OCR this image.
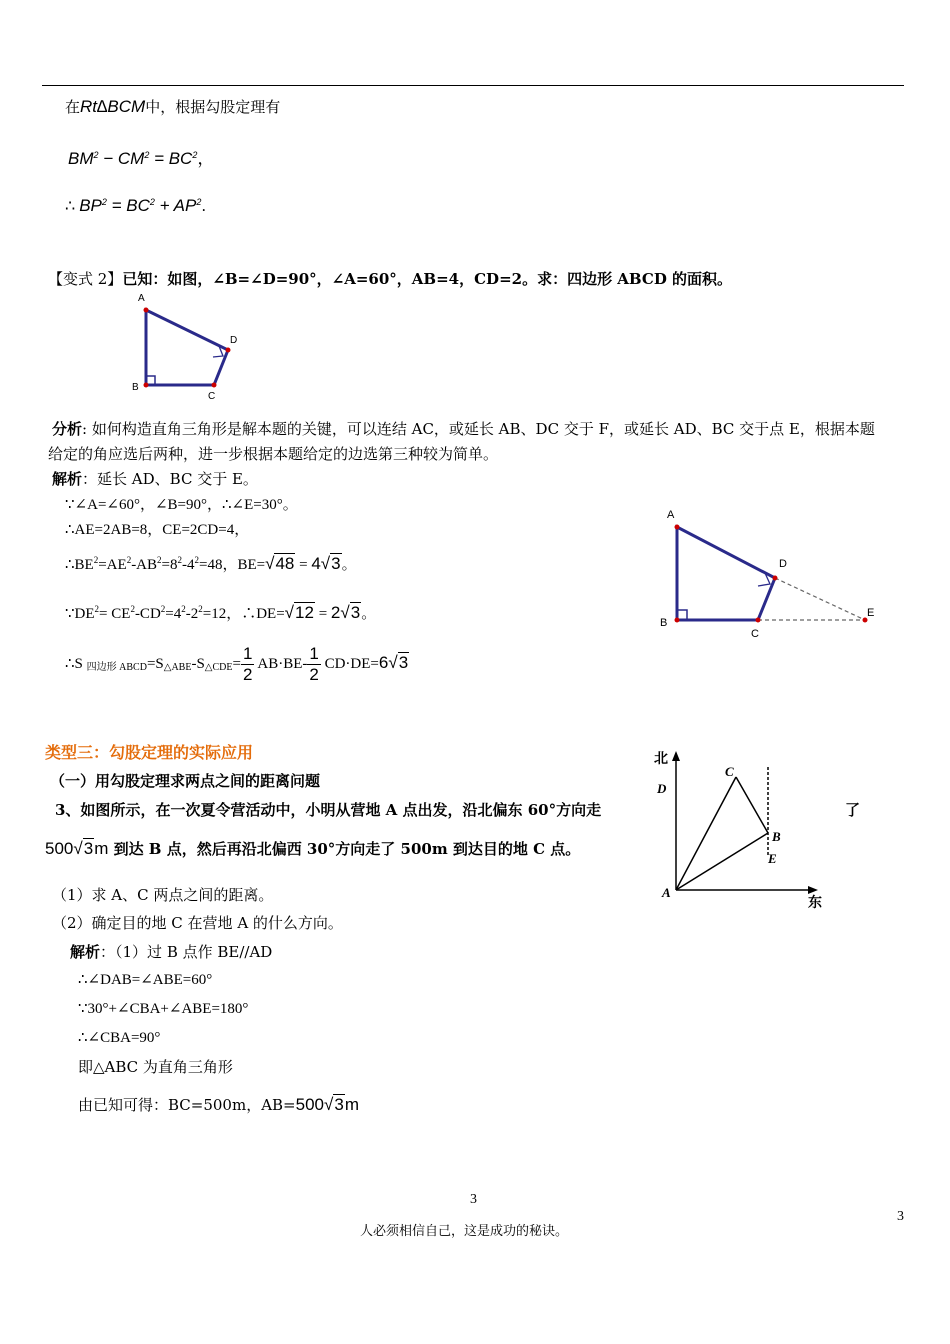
在Rt∆BCM中，根据勾股定理有
$BM^2 - CM^2 = BC^2$，
∴ $BP^2 = BC^2 + AP^2$.
【变式 2】已知：如图，∠B=∠D=90°，∠A=60°，AB=4，CD=2。求：四边形 ABCD 的面积。
A
D
B
C
分析: 如何构造直角三角形是解本题的关键，可以连结 AC，或延长 AB、DC 交于 F，或延长 AD、BC 交于点 E，根据本题
给定的角应选后两种，进一步根据本题给定的边选第三种较为简单。
解析：延长 AD、BC 交于 E。
∵∠A=∠60°，∠B=90°，∴∠E=30°。
∴AE=2AB=8，CE=2CD=4，
$\therefore BE^2=AE^2-AB^2=8^2-4^2=48$，BE=√48 = 4√3。
$\because DE^2= CE^2-CD^2=4^2-2^2=12$，∴DE=√12 = 2√3。
∴S $_{四边形 ABCD}=S_{\triangle ABE}-S_{\triangle CDE}= \frac{1}{2} AB\cdot BE- \frac{1}{2} CD\cdot DE=6√3$
A
D
B
C
E
类型三：勾股定理的实际应用
（一）用勾股定理求两点之间的距离问题
3、如图所示，在一次夏令营活动中，小明从营地 A 点出发，沿北偏东 60°方向走	了
500√3m 到达 B 点，然后再沿北偏西 30°方向走了 500m 到达目的地 C 点。
北
D
C
B
E
A
东
（1）求 A、C 两点之间的距离。
（2）确定目的地 C 在营地 A 的什么方向。
解析：（1）过 B 点作 BE//AD
∴∠DAB=∠ABE=60°
∵30°+∠CBA+∠ABE=180°
∴∠CBA=90°
即△ABC 为直角三角形
由已知可得：BC=500m，AB=500√3m
3
3
人必须相信自己，这是成功的秘诀。
